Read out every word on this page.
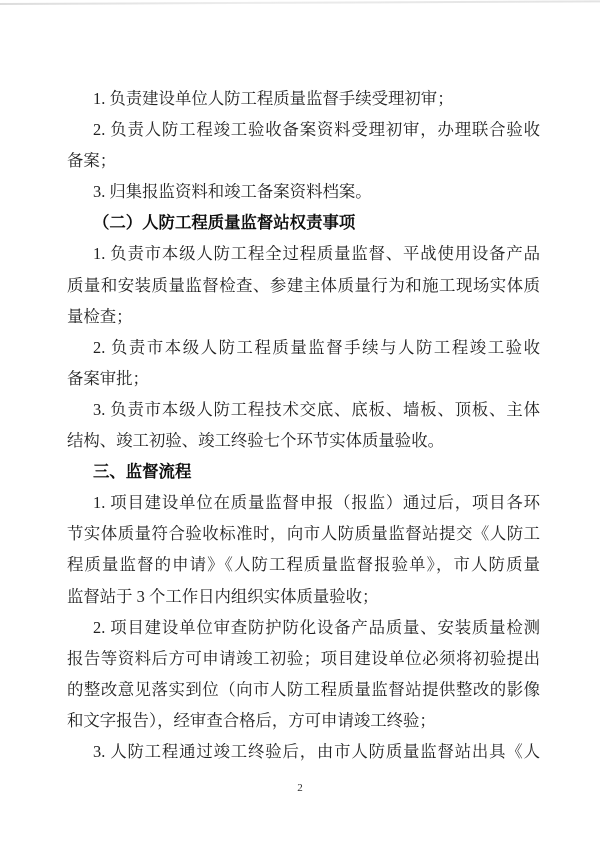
1. 负责建设单位人防工程质量监督手续受理初审；
2. 负责人防工程竣工验收备案资料受理初审，办理联合验收
备案；
3. 归集报监资料和竣工备案资料档案。
（二）人防工程质量监督站权责事项
1. 负责市本级人防工程全过程质量监督、平战使用设备产品
质量和安装质量监督检查、参建主体质量行为和施工现场实体质
量检查；
2. 负责市本级人防工程质量监督手续与人防工程竣工验收
备案审批；
3. 负责市本级人防工程技术交底、底板、墙板、顶板、主体
结构、竣工初验、竣工终验七个环节实体质量验收。
三、监督流程
1. 项目建设单位在质量监督申报（报监）通过后，项目各环
节实体质量符合验收标准时，向市人防质量监督站提交《人防工
程质量监督的申请》《人防工程质量监督报验单》，市人防质量
监督站于 3 个工作日内组织实体质量验收；
2. 项目建设单位审查防护防化设备产品质量、安装质量检测
报告等资料后方可申请竣工初验；项目建设单位必须将初验提出
的整改意见落实到位（向市人防工程质量监督站提供整改的影像
和文字报告），经审查合格后，方可申请竣工终验；
3. 人防工程通过竣工终验后，由市人防质量监督站出具《人
2
